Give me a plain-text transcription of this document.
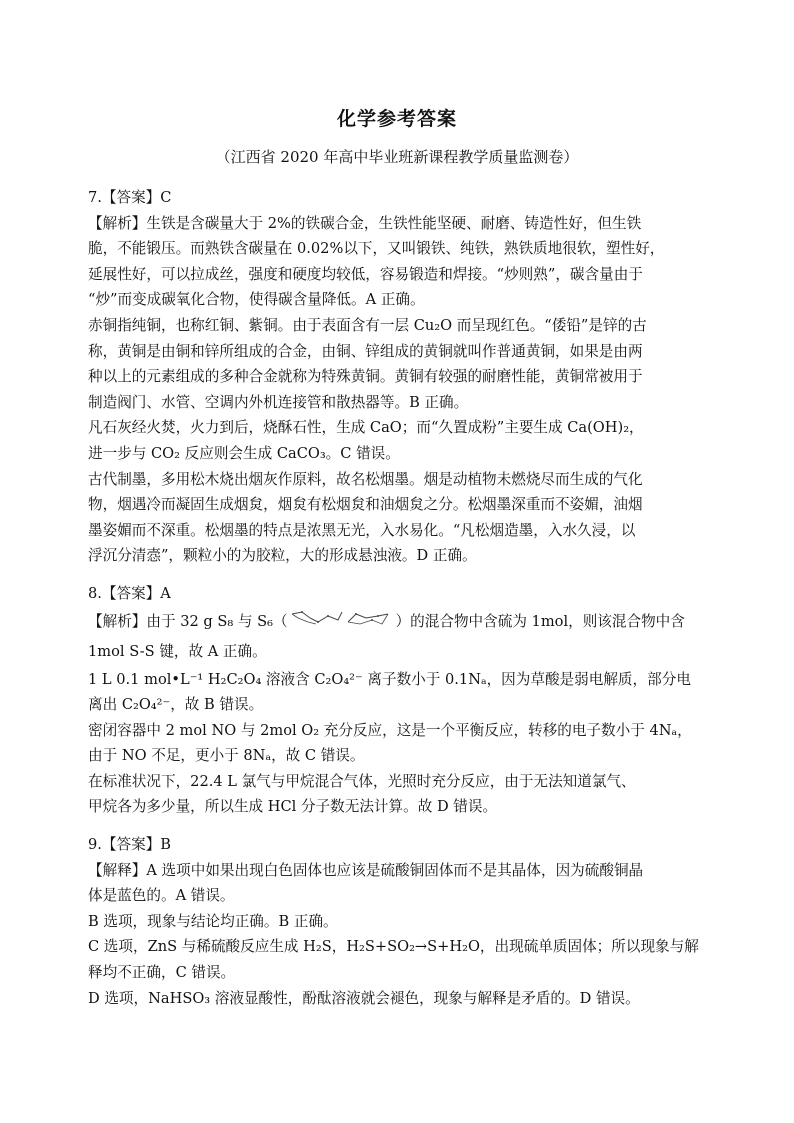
化学参考答案
（江西省 2020 年高中毕业班新课程教学质量监测卷）
7.【答案】C
【解析】生铁是含碳量大于 2%的铁碳合金，生铁性能坚硬、耐磨、铸造性好，但生铁
脆，不能锻压。而熟铁含碳量在 0.02%以下，又叫锻铁、纯铁，熟铁质地很软，塑性好，
延展性好，可以拉成丝，强度和硬度均较低，容易锻造和焊接。“炒则熟”，碳含量由于
“炒”而变成碳氧化合物，使得碳含量降低。A 正确。
赤铜指纯铜，也称红铜、紫铜。由于表面含有一层 Cu₂O 而呈现红色。“倭铅”是锌的古
称，黄铜是由铜和锌所组成的合金，由铜、锌组成的黄铜就叫作普通黄铜，如果是由两
种以上的元素组成的多种合金就称为特殊黄铜。黄铜有较强的耐磨性能，黄铜常被用于
制造阀门、水管、空调内外机连接管和散热器等。B 正确。
凡石灰经火焚，火力到后，烧酥石性，生成 CaO；而“久置成粉”主要生成 Ca(OH)₂，
进一步与 CO₂ 反应则会生成 CaCO₃。C 错误。
古代制墨，多用松木烧出烟灰作原料，故名松烟墨。烟是动植物未燃烧尽而生成的气化
物，烟遇冷而凝固生成烟炱，烟炱有松烟炱和油烟炱之分。松烟墨深重而不姿媚，油烟
墨姿媚而不深重。松烟墨的特点是浓黑无光，入水易化。“凡松烟造墨，入水久浸，以
浮沉分清悫”，颗粒小的为胶粒，大的形成悬浊液。D 正确。
8.【答案】A
【解析】由于 32 g S₈ 与 S₆（	）的混合物中含硫为 1mol，则该混合物中含
1mol S-S 键，故 A 正确。
1 L 0.1 mol•L⁻¹ H₂C₂O₄ 溶液含 C₂O₄²⁻ 离子数小于 0.1Nₐ，因为草酸是弱电解质，部分电
离出 C₂O₄²⁻，故 B 错误。
密闭容器中 2 mol NO 与 2mol O₂ 充分反应，这是一个平衡反应，转移的电子数小于 4Nₐ，
由于 NO 不足，更小于 8Nₐ，故 C 错误。
在标准状况下，22.4 L 氯气与甲烷混合气体，光照时充分反应，由于无法知道氯气、
甲烷各为多少量，所以生成 HCl 分子数无法计算。故 D 错误。
9.【答案】B
【解释】A 选项中如果出现白色固体也应该是硫酸铜固体而不是其晶体，因为硫酸铜晶
体是蓝色的。A 错误。
B 选项，现象与结论均正确。B 正确。
C 选项，ZnS 与稀硫酸反应生成 H₂S，H₂S+SO₂→S+H₂O，出现硫单质固体；所以现象与解
释均不正确，C 错误。
D 选项，NaHSO₃ 溶液显酸性，酚酞溶液就会褪色，现象与解释是矛盾的。D 错误。
